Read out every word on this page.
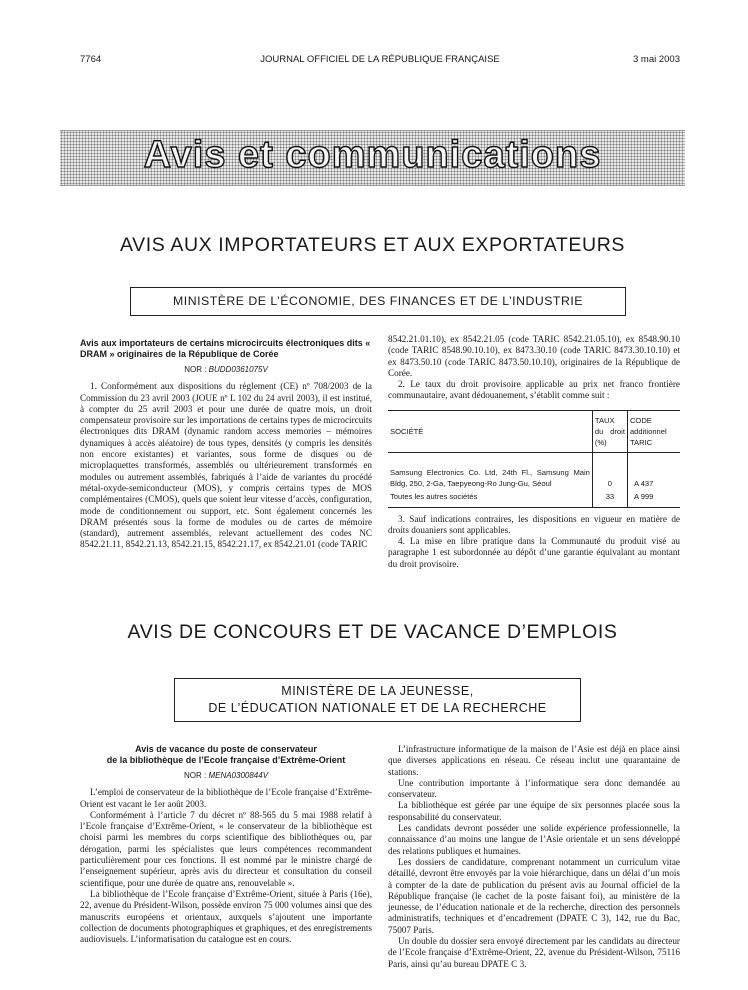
7764	JOURNAL OFFICIEL DE LA RÉPUBLIQUE FRANÇAISE	3 mai 2003
Avis et communications
AVIS AUX IMPORTATEURS ET AUX EXPORTATEURS
MINISTÈRE DE L’ÉCONOMIE, DES FINANCES ET DE L’INDUSTRIE
Avis aux importateurs de certains microcircuits électroniques dits « DRAM » originaires de la République de Corée
NOR : BUDD0361075V

1. Conformément aux dispositions du règlement (CE) nº 708/2003 de la Commission du 23 avril 2003 (JOUE nº L 102 du 24 avril 2003), il est institué, à compter du 25 avril 2003 et pour une durée de quatre mois, un droit compensateur provisoire sur les importations de certains types de microcircuits électroniques dits DRAM (dynamic random access memories – mémoires dynamiques à accès aléatoire) de tous types, densités (y compris les densités non encore existantes) et variantes, sous forme de disques ou de microplaquettes transformés, assemblés ou ultérieurement transformés en modules ou autrement assemblés, fabriqués à l’aide de variantes du procédé métal-oxyde-semiconducteur (MOS), y compris certains types de MOS complémentaires (CMOS), quels que soient leur vitesse d’accès, configuration, mode de conditionnement ou support, etc. Sont également concernés les DRAM présentés sous la forme de modules ou de cartes de mémoire (standard), autrement assemblés, relevant actuellement des codes NC 8542.21.11, 8542.21.13, 8542.21.15, 8542.21.17, ex 8542.21.01 (code TARIC

8542.21.01.10), ex 8542.21.05 (code TARIC 8542.21.05.10), ex 8548.90.10 (code TARIC 8548.90.10.10), ex 8473.30.10 (code TARIC 8473.30.10.10) et ex 8473.50.10 (code TARIC 8473.50.10.10), originaires de la République de Corée.

2. Le taux du droit provisoire applicable au prix net franco frontière communautaire, avant dédouanement, s’établit comme suit :

SOCIÉTÉ	TAUX du droit (%)	CODE additionnel TARIC
Samsung Electronics Co. Ltd, 24th Fl., Samsung Main Bldg, 250, 2-Ga, Taepyeong-Ro Jung-Gu, Séoul	0	A 437
Toutes les autres sociétés	33	A 999

3. Sauf indications contraires, les dispositions en vigueur en matière de droits douaniers sont applicables.

4. La mise en libre pratique dans la Communauté du produit visé au paragraphe 1 est subordonnée au dépôt d’une garantie équivalant au montant du droit provisoire.

AVIS DE CONCOURS ET DE VACANCE D’EMPLOIS
MINISTÈRE DE LA JEUNESSE,
DE L’ÉDUCATION NATIONALE ET DE LA RECHERCHE
Avis de vacance du poste de conservateur
de la bibliothèque de l’Ecole française d’Extrême-Orient
NOR : MENA0300844V

L’emploi de conservateur de la bibliothèque de l’Ecole française d’Extrême-Orient est vacant le 1er août 2003.

Conformément à l’article 7 du décret nº 88-565 du 5 mai 1988 relatif à l’Ecole française d’Extrême-Orient, « le conservateur de la bibliothèque est choisi parmi les membres du corps scientifique des bibliothèques ou, par dérogation, parmi les spécialistes que leurs compétences recommandent particulièrement pour ces fonctions. Il est nommé par le ministre chargé de l’enseignement supérieur, après avis du directeur et consultation du conseil scientifique, pour une durée de quatre ans, renouvelable ».

La bibliothèque de l’Ecole française d’Extrême-Orient, située à Paris (16e), 22, avenue du Président-Wilson, possède environ 75 000 volumes ainsi que des manuscrits européens et orientaux, auxquels s’ajoutent une importante collection de documents photographiques et graphiques, et des enregistrements audiovisuels. L’informatisation du catalogue est en cours.

L’infrastructure informatique de la maison de l’Asie est déjà en place ainsi que diverses applications en réseau. Ce réseau inclut une quarantaine de stations.

Une contribution importante à l’informatique sera donc demandée au conservateur.

La bibliothèque est gérée par une équipe de six personnes placée sous la responsabilité du conservateur.

Les candidats devront posséder une solide expérience professionnelle, la connaissance d’au moins une langue de l’Asie orientale et un sens développé des relations publiques et humaines.

Les dossiers de candidature, comprenant notamment un curriculum vitae détaillé, devront être envoyés par la voie hiérarchique, dans un délai d’un mois à compter de la date de publication du présent avis au Journal officiel de la République française (le cachet de la poste faisant foi), au ministère de la jeunesse, de l’éducation nationale et de la recherche, direction des personnels administratifs, techniques et d’encadrement (DPATE C 3), 142, rue du Bac, 75007 Paris.

Un double du dossier sera envoyé directement par les candidats au directeur de l’Ecole française d’Extrême-Orient, 22, avenue du Président-Wilson, 75116 Paris, ainsi qu’au bureau DPATE C 3.
